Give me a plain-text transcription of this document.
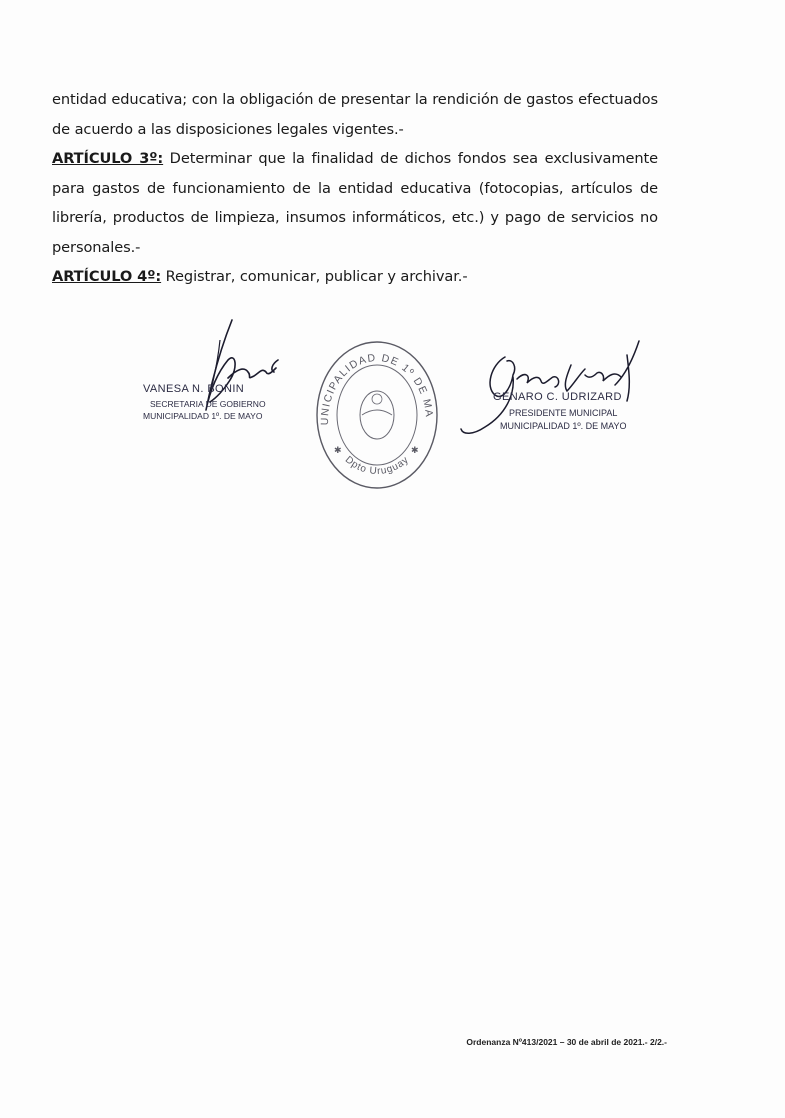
entidad educativa; con la obligación de presentar la rendición de gastos efectuados

de acuerdo a las disposiciones legales vigentes.-

ARTÍCULO 3º: Determinar que la finalidad de dichos fondos sea exclusivamente para gastos de funcionamiento de la entidad educativa (fotocopias, artículos de librería, productos de limpieza, insumos informáticos, etc.) y pago de servicios no personales.-

ARTÍCULO 4º: Registrar, comunicar, publicar y archivar.-

VANESA N. BONIN
SECRETARIA DE GOBIERNO
MUNICIPALIDAD 1º. DE MAYO	UNICIPALIDAD DE 1º DE MA
Dpto Uruguay
✱	✱
GENARO C. UDRIZARD
PRESIDENTE MUNICIPAL
MUNICIPALIDAD 1º. DE MAYO
Ordenanza Nº413/2021 – 30 de abril de 2021.- 2/2.-
